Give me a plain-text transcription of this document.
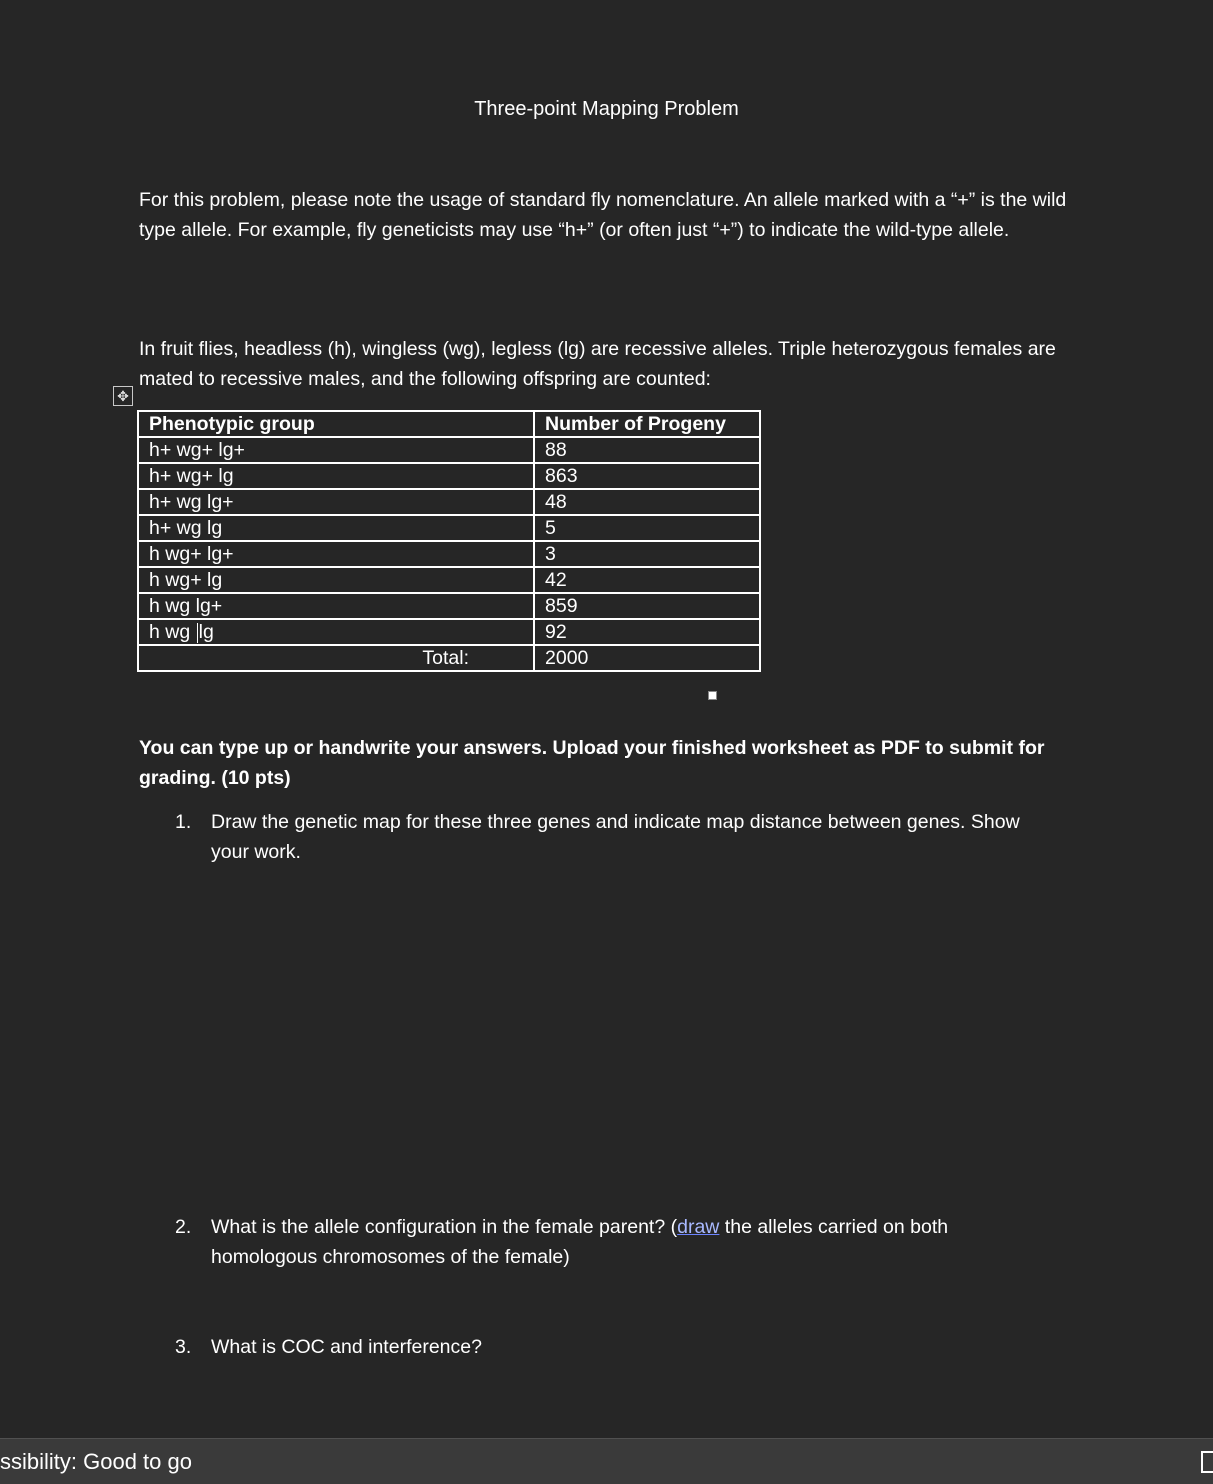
Three-point Mapping Problem
For this problem, please note the usage of standard fly nomenclature. An allele marked with a “+” is the wild type allele. For example, fly geneticists may use “h+” (or often just “+”) to indicate the wild-type allele.
In fruit flies, headless (h), wingless (wg), legless (lg) are recessive alleles. Triple heterozygous females are mated to recessive males, and the following offspring are counted:
✥
Phenotypic group	Number of Progeny
h+ wg+ lg+	88
h+ wg+ lg	863
h+ wg lg+	48
h+ wg lg	5
h wg+ lg+	3
h wg+ lg	42
h wg lg+	859
h wg lg	92
Total:	2000
You can type up or handwrite your answers. Upload your finished worksheet as PDF to submit for grading. (10 pts)
1.	Draw the genetic map for these three genes and indicate map distance between genes. Show your work.
2.	What is the allele configuration in the female parent? (draw the alleles carried on both homologous chromosomes of the female)
3.	What is COC and interference?
ssibility: Good to go
